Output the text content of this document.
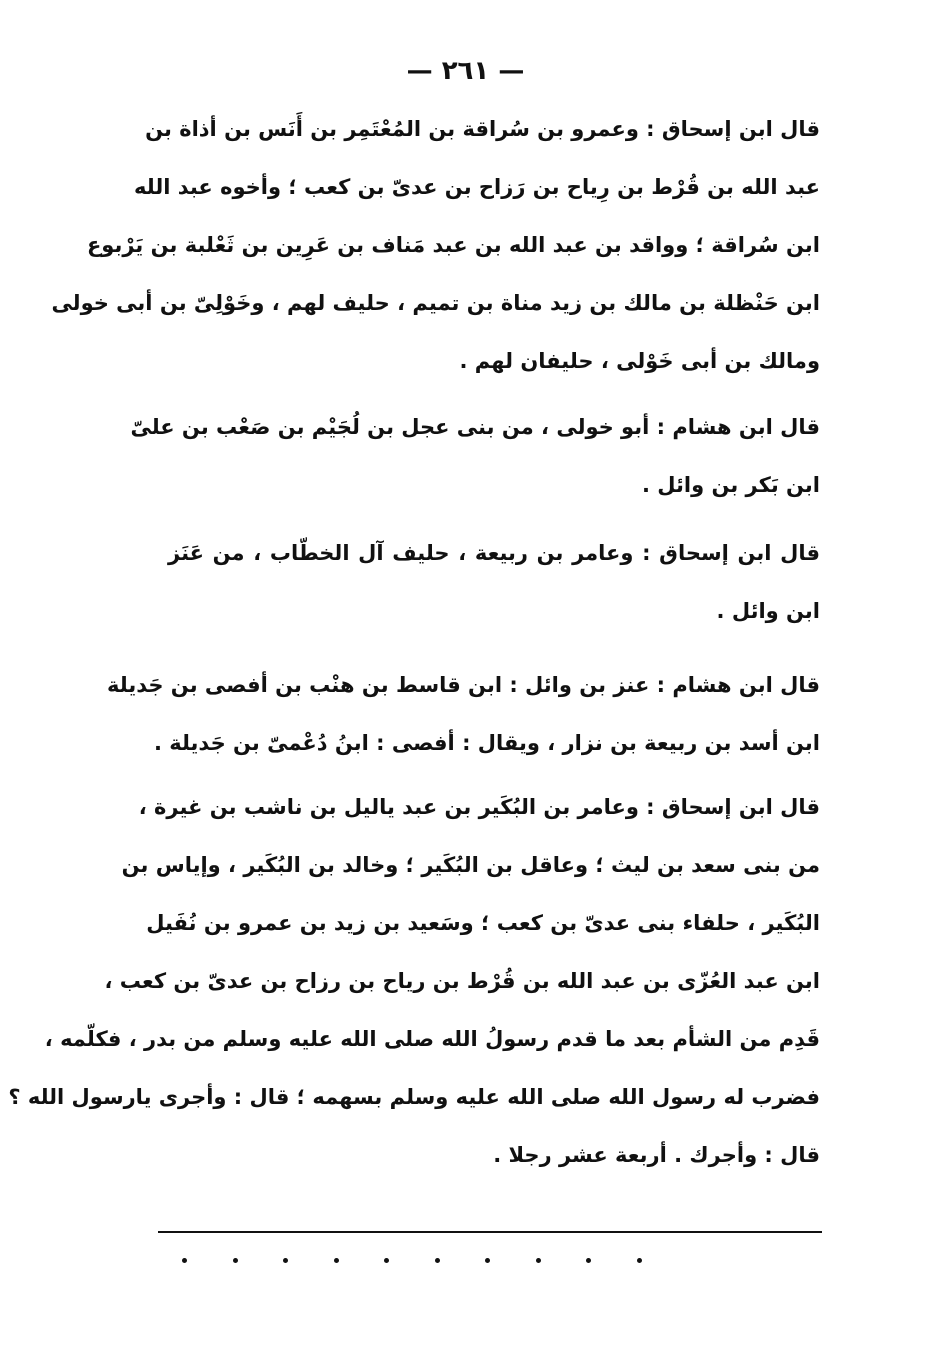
— ٢٦١ —
قال ابن إسحاق : وعمرو بن سُراقة بن المُعْتَمِر بن أَنَس بن أذاة بن
عبد الله بن قُرْط بن رِياح بن رَزاح بن عدىّ بن كعب ؛ وأخوه عبد الله
ابن سُراقة ؛ وواقد بن عبد الله بن عبد مَناف بن عَرِين بن ثَعْلبة بن يَرْبوع
ابن حَنْظلة بن مالك بن زيد مناة بن تميم ، حليف لهم ، وخَوْلِىّ بن أبى خولى
ومالك بن أبى خَوْلى ، حليفان لهم .
قال ابن هشام : أبو خولى ، من بنى عجل بن لُجَيْم بن صَعْب بن علىّ
ابن بَكر بن وائل .
قال ابن إسحاق : وعامر بن ربيعة ، حليف آل الخطّاب ، من عَنَز
ابن وائل .
قال ابن هشام : عنز بن وائل : ابن قاسط بن هنْب بن أفصى بن جَديلة
ابن أسد بن ربيعة بن نزار ، ويقال : أفصى : ابنُ دُعْمىّ بن جَديلة .
قال ابن إسحاق : وعامر بن البُكَير بن عبد ياليل بن ناشب بن غيرة ،
من بنى سعد بن ليث ؛ وعاقل بن البُكَير ؛ وخالد بن البُكَير ، وإياس بن
البُكَير ، حلفاء بنى عدىّ بن كعب ؛ وسَعيد بن زيد بن عمرو بن نُفَيل
ابن عبد العُزّى بن عبد الله بن قُرْط بن رياح بن رزاح بن عدىّ بن كعب ،
قَدِم من الشأم بعد ما قدم رسولُ الله صلى الله عليه وسلم من بدر ، فكلّمه ،
فضرب له رسول الله صلى الله عليه وسلم بسهمه ؛ قال : وأجرى يارسول الله ؟
قال : وأجرك . أربعة عشر رجلا .
